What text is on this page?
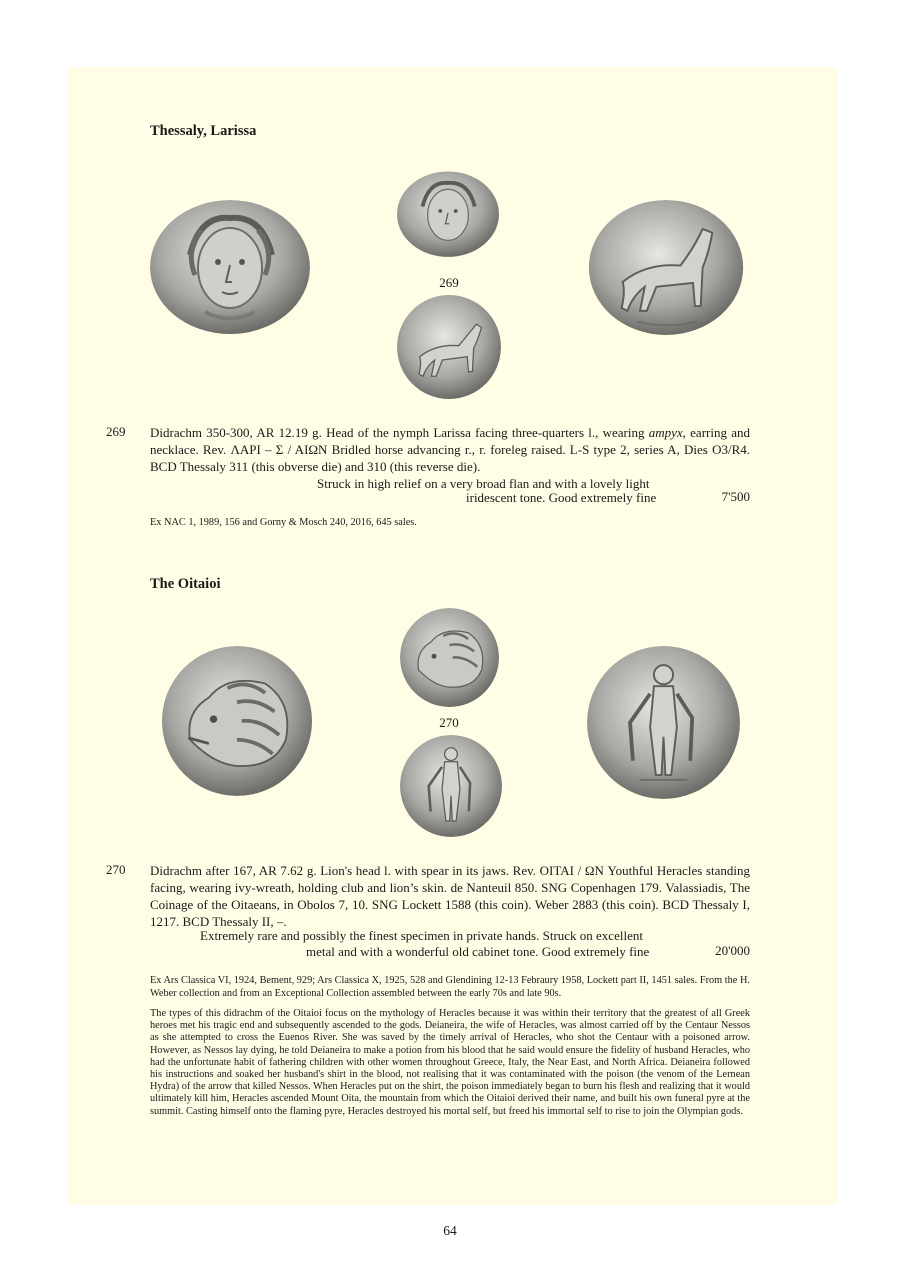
Thessaly, Larissa
269
269 Didrachm 350-300, AR 12.19 g. Head of the nymph Larissa facing three-quarters l., wearing ampyx, earring and necklace. Rev. ΛΑΡΙ – Σ / ΑΙΩΝ Bridled horse advancing r., r. foreleg raised. L-S type 2, series A, Dies O3/R4. BCD Thessaly 311 (this obverse die) and 310 (this reverse die).
Struck in high relief on a very broad flan and with a lovely light
iridescent tone. Good extremely fine	7'500
Ex NAC 1, 1989, 156 and Gorny & Mosch 240, 2016, 645 sales.
The Oitaioi
270
270 Didrachm after 167, AR 7.62 g. Lion's head l. with spear in its jaws. Rev. ΟΙΤΑΙ / ΩΝ Youthful Heracles standing facing, wearing ivy-wreath, holding club and lion’s skin. de Nanteuil 850. SNG Copenhagen 179. Valassiadis, The Coinage of the Oitaeans, in Obolos 7, 10. SNG Lockett 1588 (this coin). Weber 2883 (this coin). BCD Thessaly I, 1217. BCD Thessaly II, –.
Extremely rare and possibly the finest specimen in private hands. Struck on excellent
metal and with a wonderful old cabinet tone. Good extremely fine	20'000
Ex Ars Classica VI, 1924, Bement, 929; Ars Classica X, 1925, 528 and Glendining 12-13 Febraury 1958, Lockett part II, 1451 sales. From the H. Weber collection and from an Exceptional Collection assembled between the early 70s and late 90s.
The types of this didrachm of the Oitaioi focus on the mythology of Heracles because it was within their territory that the greatest of all Greek heroes met his tragic end and subsequently ascended to the gods. Deianeira, the wife of Heracles, was almost carried off by the Centaur Nessos as she attempted to cross the Euenos River. She was saved by the timely arrival of Heracles, who shot the Centaur with a poisoned arrow. However, as Nessos lay dying, he told Deianeira to make a potion from his blood that he said would ensure the fidelity of husband Heracles, who had the unfortunate habit of fathering children with other women throughout Greece, Italy, the Near East, and North Africa. Deianeira followed his instructions and soaked her husband's shirt in the blood, not realising that it was contaminated with the poison (the venom of the Lernean Hydra) of the arrow that killed Nessos. When Heracles put on the shirt, the poison immediately began to burn his flesh and realizing that it would ultimately kill him, Heracles ascended Mount Oita, the mountain from which the Oitaioi derived their name, and built his own funeral pyre at the summit. Casting himself onto the flaming pyre, Heracles destroyed his mortal self, but freed his immortal self to rise to join the Olympian gods.
64
